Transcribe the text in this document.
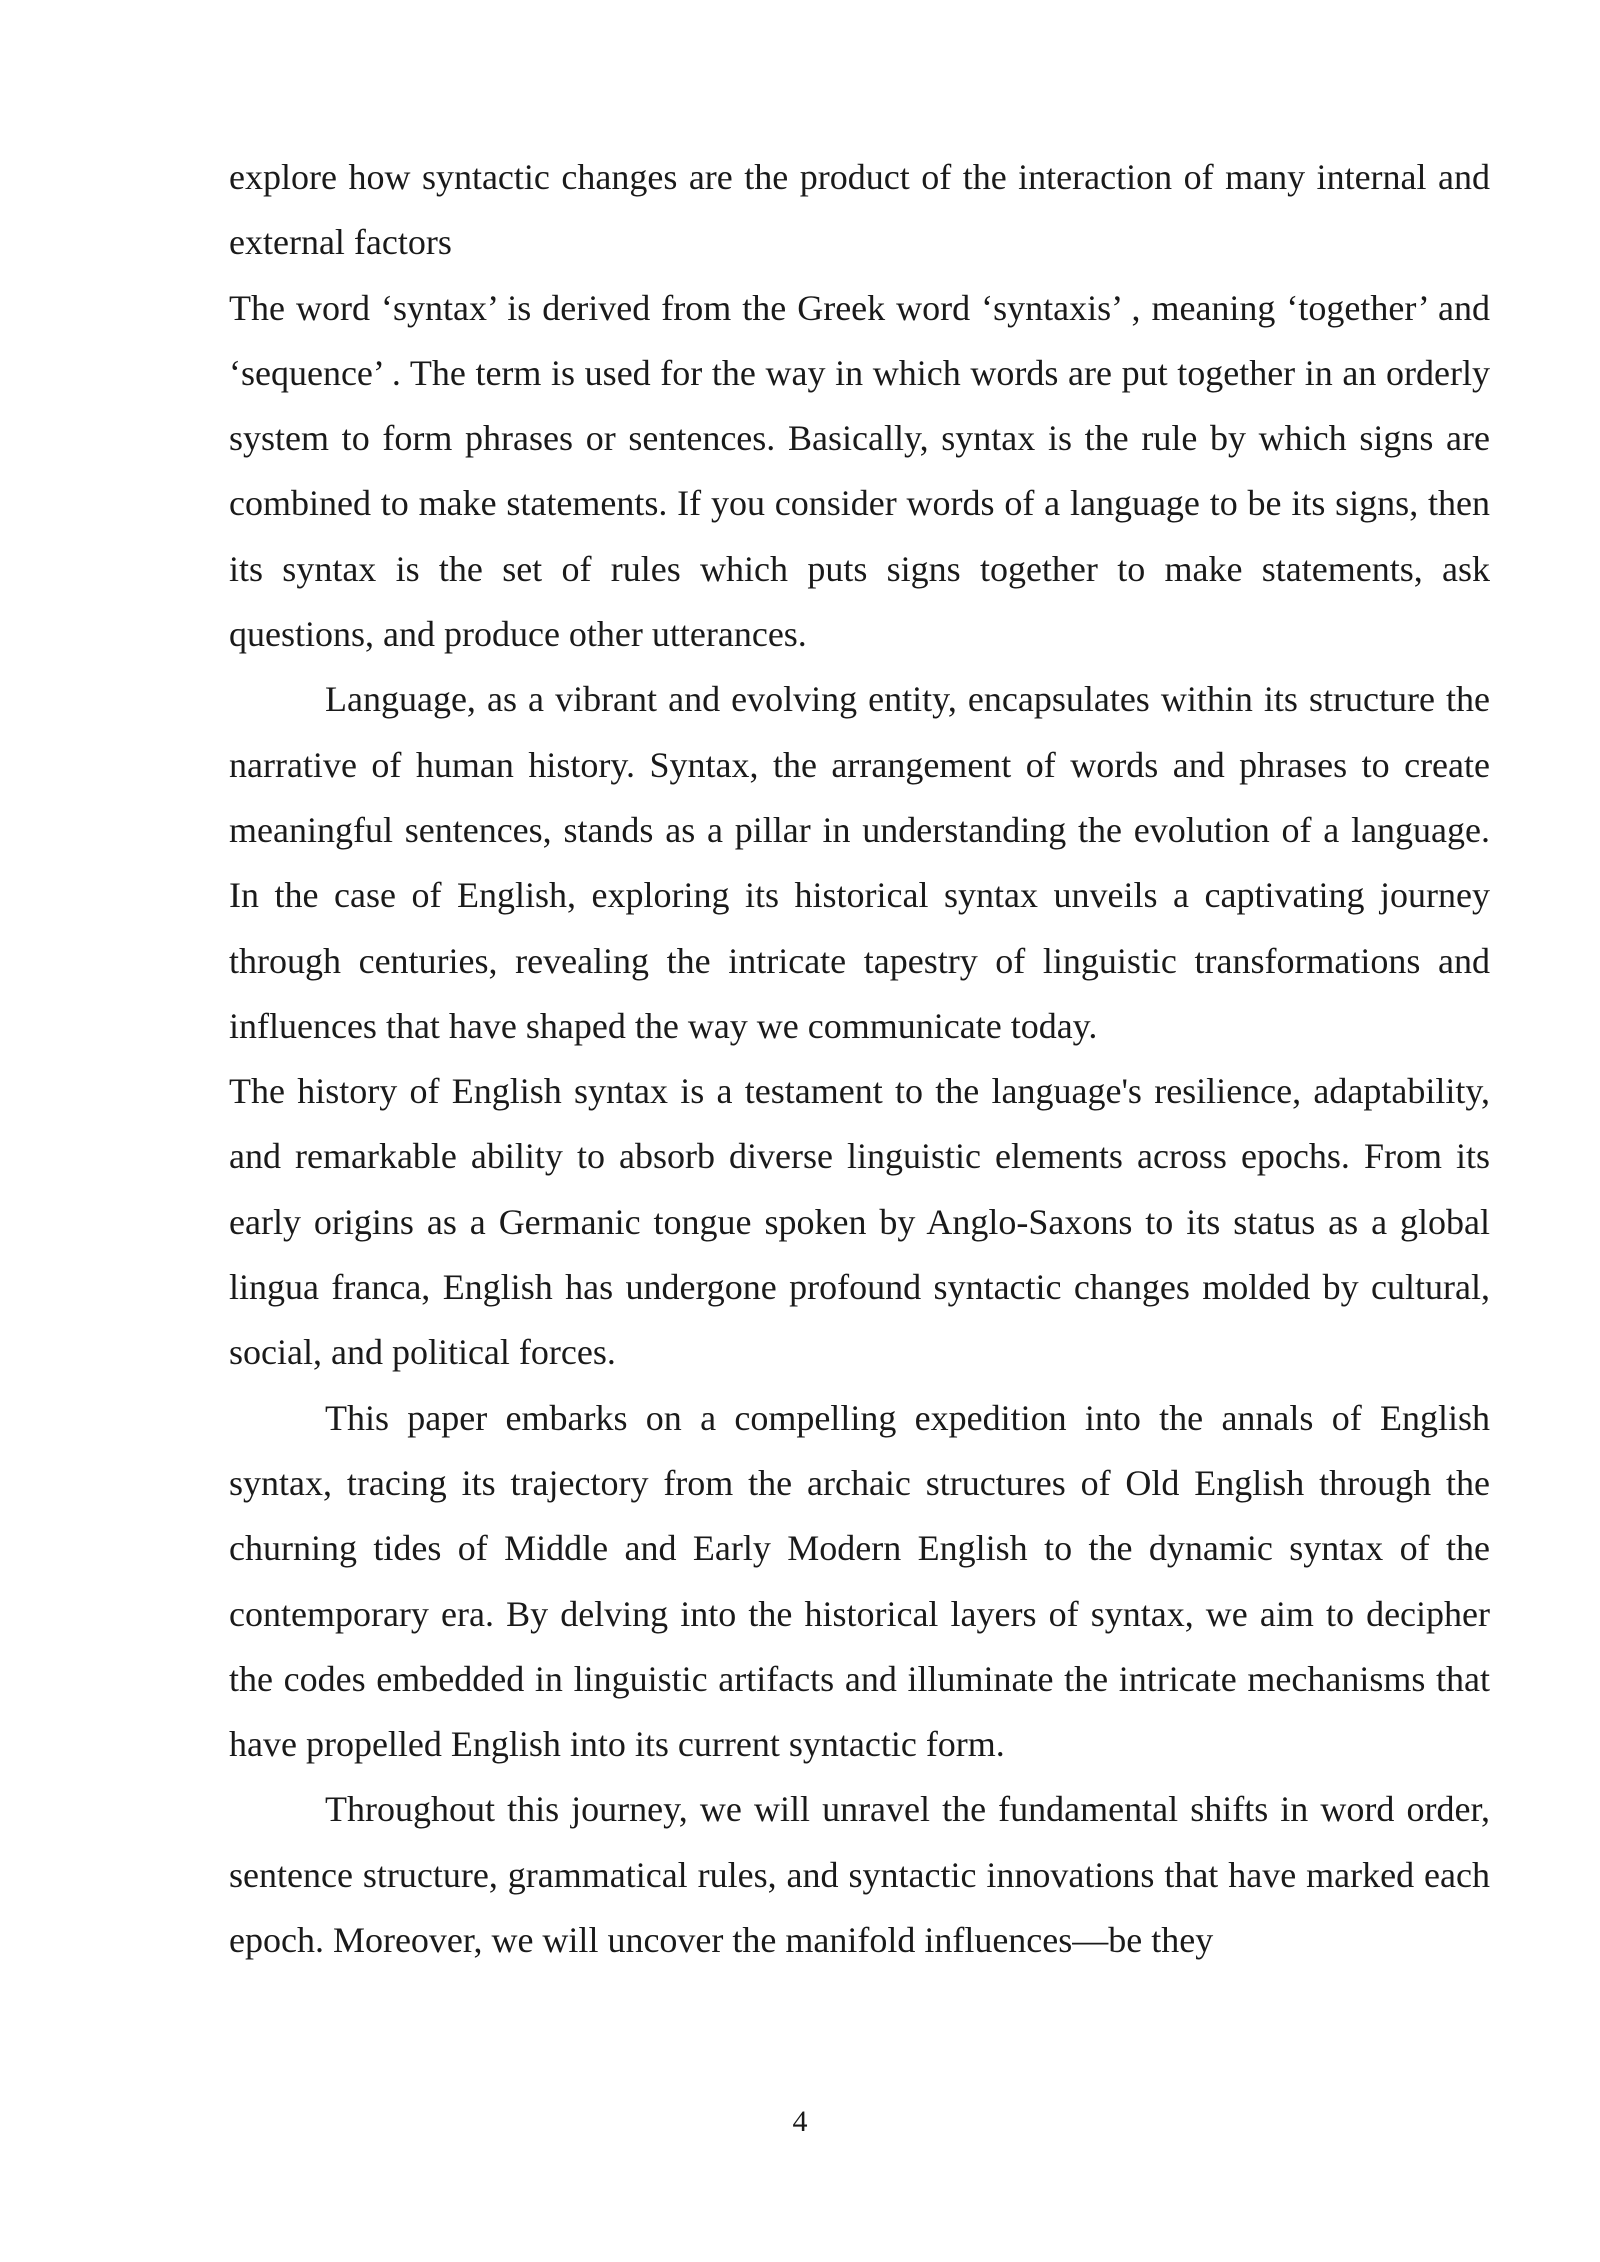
explore how syntactic changes are the product of the interaction of many internal and external factors

The word ‘syntax’ is derived from the Greek word ‘syntaxis’ , meaning ‘together’ and ‘sequence’ . The term is used for the way in which words are put together in an orderly system to form phrases or sentences. Basically, syntax is the rule by which signs are combined to make statements. If you consider words of a language to be its signs, then its syntax is the set of rules which puts signs together to make statements, ask questions, and produce other utterances.

Language, as a vibrant and evolving entity, encapsulates within its structure the narrative of human history. Syntax, the arrangement of words and phrases to create meaningful sentences, stands as a pillar in understanding the evolution of a language. In the case of English, exploring its historical syntax unveils a captivating journey through centuries, revealing the intricate tapestry of linguistic transformations and influences that have shaped the way we communicate today.

The history of English syntax is a testament to the language's resilience, adaptability, and remarkable ability to absorb diverse linguistic elements across epochs. From its early origins as a Germanic tongue spoken by Anglo-Saxons to its status as a global lingua franca, English has undergone profound syntactic changes molded by cultural, social, and political forces.

This paper embarks on a compelling expedition into the annals of English syntax, tracing its trajectory from the archaic structures of Old English through the churning tides of Middle and Early Modern English to the dynamic syntax of the contemporary era. By delving into the historical layers of syntax, we aim to decipher the codes embedded in linguistic artifacts and illuminate the intricate mechanisms that have propelled English into its current syntactic form.

Throughout this journey, we will unravel the fundamental shifts in word order, sentence structure, grammatical rules, and syntactic innovations that have marked each epoch. Moreover, we will uncover the manifold influences—be they

4
